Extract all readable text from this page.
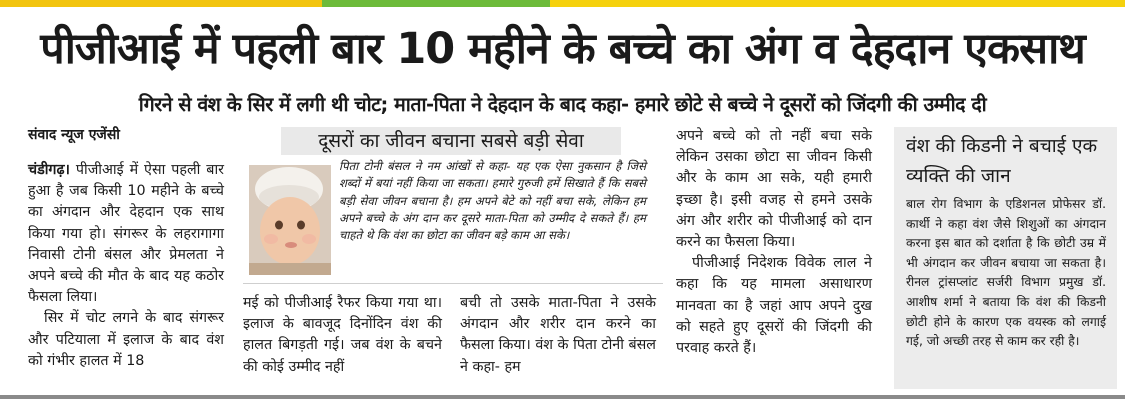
पीजीआई में पहली बार 10 महीने के बच्चे का अंग व देहदान एकसाथ
गिरने से वंश के सिर में लगी थी चोट; माता-पिता ने देहदान के बाद कहा- हमारे छोटे से बच्चे ने दूसरों को जिंदगी की उम्मीद दी
संवाद न्यूज एजेंसी

चंडीगढ़। पीजीआई में ऐसा पहली बार हुआ है जब किसी 10 महीने के बच्चे का अंगदान और देहदान एक साथ किया गया हो। संगरूर के लहरागागा निवासी टोनी बंसल और प्रेमलता ने अपने बच्चे की मौत के बाद यह कठोर फैसला लिया।

सिर में चोट लगने के बाद संगरूर और पटियाला में इलाज के बाद वंश को गंभीर हालत में 18

दूसरों का जीवन बचाना सबसे बड़ी सेवा
पिता टोनी बंसल ने नम आंखों से कहा- यह एक ऐसा नुकसान है जिसे शब्दों में बयां नहीं किया जा सकता। हमारे गुरुजी हमें सिखाते हैं कि सबसे बड़ी सेवा जीवन बचाना है। हम अपने बेटे को नहीं बचा सके, लेकिन हम अपने बच्चे के अंग दान कर दूसरे माता-पिता को उम्मीद दे सकते हैं। हम चाहते थे कि वंश का छोटा का जीवन बड़े काम आ सके।
मई को पीजीआई रैफर किया गया था। इलाज के बावजूद दिनोंदिन वंश की हालत बिगड़ती गई। जब वंश के बचने की कोई उम्मीद नहीं
बची तो उसके माता-पिता ने उसके अंगदान और शरीर दान करने का फैसला किया। वंश के पिता टोनी बंसल ने कहा- हम

अपने बच्चे को तो नहीं बचा सके लेकिन उसका छोटा सा जीवन किसी और के काम आ सके, यही हमारी इच्छा है। इसी वजह से हमने उसके अंग और शरीर को पीजीआई को दान करने का फैसला किया।

पीजीआई निदेशक विवेक लाल ने कहा कि यह मामला असाधारण मानवता का है जहां आप अपने दुख को सहते हुए दूसरों की जिंदगी की परवाह करते हैं।

वंश की किडनी ने बचाई एक व्यक्ति की जान
बाल रोग विभाग के एडिशनल प्रोफेसर डॉ. कार्थी ने कहा वंश जैसे शिशुओं का अंगदान करना इस बात को दर्शाता है कि छोटी उम्र में भी अंगदान कर जीवन बचाया जा सकता है। रीनल ट्रांसप्लांट सर्जरी विभाग प्रमुख डॉ. आशीष शर्मा ने बताया कि वंश की किडनी छोटी होने के कारण एक वयस्क को लगाई गई, जो अच्छी तरह से काम कर रही है।
